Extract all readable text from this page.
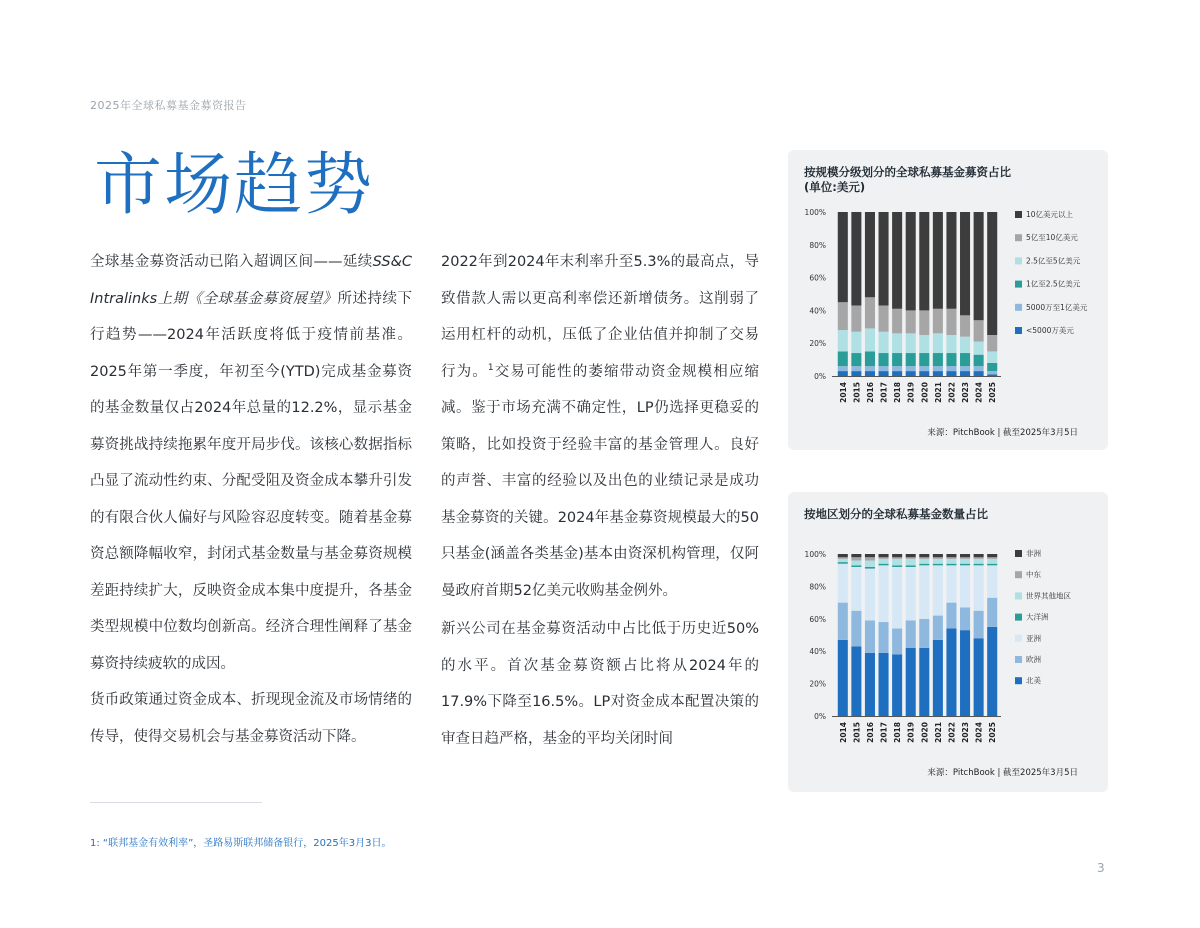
2025年全球私募基金募资报告
市场趋势

全球基金募资活动已陷入超调区间——延续SS&C Intralinks上期《全球基金募资展望》所述持续下行趋势——2024年活跃度将低于疫情前基准。2025年第一季度，年初至今(YTD)完成基金募资的基金数量仅占2024年总量的12.2%，显示基金募资挑战持续拖累年度开局步伐。该核心数据指标凸显了流动性约束、分配受阻及资金成本攀升引发的有限合伙人偏好与风险容忍度转变。随着基金募资总额降幅收窄，封闭式基金数量与基金募资规模差距持续扩大，反映资金成本集中度提升，各基金类型规模中位数均创新高。经济合理性阐释了基金募资持续疲软的成因。

货币政策通过资金成本、折现现金流及市场情绪的传导，使得交易机会与基金募资活动下降。

2022年到2024年末利率升至5.3%的最高点，导致借款人需以更高利率偿还新增债务。这削弱了运用杠杆的动机，压低了企业估值并抑制了交易行为。$^1$交易可能性的萎缩带动资金规模相应缩减。鉴于市场充满不确定性，LP仍选择更稳妥的策略，比如投资于经验丰富的基金管理人。良好的声誉、丰富的经验以及出色的业绩记录是成功基金募资的关键。2024年基金募资规模最大的50只基金(涵盖各类基金)基本由资深机构管理，仅阿曼政府首期52亿美元收购基金例外。

新兴公司在基金募资活动中占比低于历史近50%的水平。首次基金募资额占比将从2024年的17.9%下降至16.5%。LP对资金成本配置决策的审查日趋严格，基金的平均关闭时间

1: “联邦基金有效利率”，圣路易斯联邦储备银行，2025年3月3日。
3
按规模分级划分的全球私募基金募资占比
(单位:美元)
0%
20%
40%
60%
80%
100%
2014 2015 2016 2017 2018 2019 2020 2021 2022 2023 2024 2025
10亿美元以上
5亿至10亿美元
2.5亿至5亿美元
1亿至2.5亿美元
5000万至1亿美元
<5000万美元
来源：PitchBook | 截至2025年3月5日
按地区划分的全球私募基金数量占比
0%
20%
40%
60%
80%
100%
2014 2015 2016 2017 2018 2019 2020 2021 2022 2023 2024 2025
非洲
中东
世界其他地区
大洋洲
亚洲
欧洲
北美
来源：PitchBook | 截至2025年3月5日
